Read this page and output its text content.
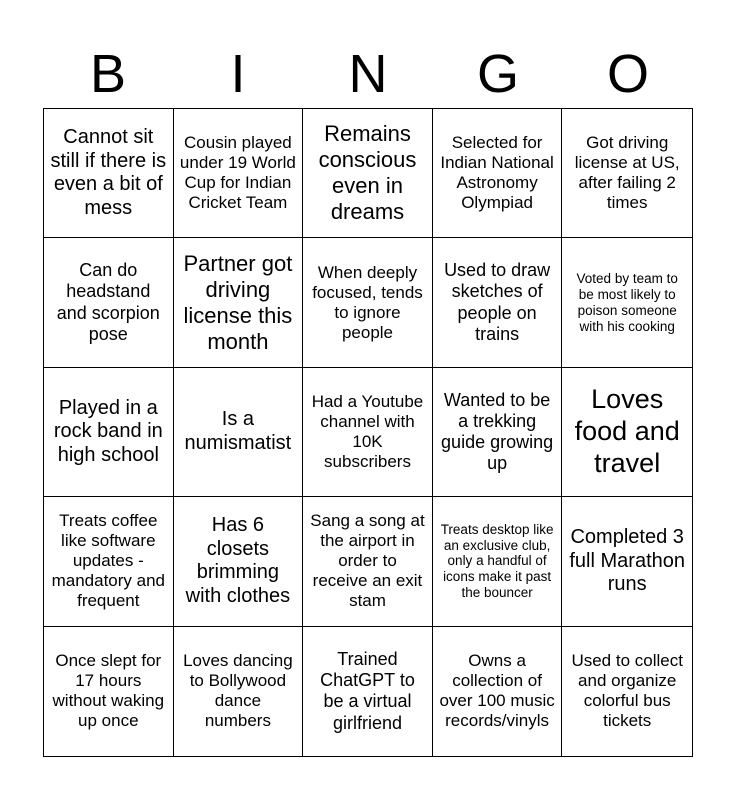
B	I	N	G	O
Cannot sit still if there is even a bit of mess
Cousin played under 19 World Cup for Indian Cricket Team
Remains conscious even in dreams
Selected for Indian National Astronomy Olympiad
Got driving license at US, after failing 2 times
Can do headstand and scorpion pose
Partner got driving license this month
When deeply focused, tends to ignore people
Used to draw sketches of people on trains
Voted by team to be most likely to poison someone with his cooking
Played in a rock band in high school
Is a numismatist
Had a Youtube channel with 10K subscribers
Wanted to be a trekking guide growing up
Loves food and travel
Treats coffee like software updates - mandatory and frequent
Has 6 closets brimming with clothes
Sang a song at the airport in order to receive an exit stam
Treats desktop like an exclusive club, only a handful of icons make it past the bouncer
Completed 3 full Marathon runs
Once slept for 17 hours without waking up once
Loves dancing to Bollywood dance numbers
Trained ChatGPT to be a virtual girlfriend
Owns a collection of over 100 music records/vinyls
Used to collect and organize colorful bus tickets
